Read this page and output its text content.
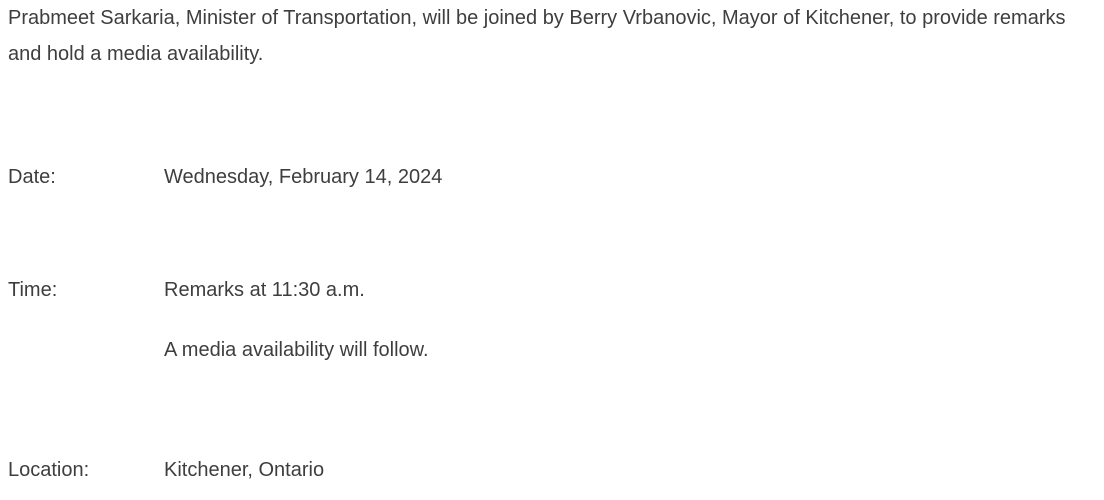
Prabmeet Sarkaria, Minister of Transportation, will be joined by Berry Vrbanovic, Mayor of Kitchener, to provide remarks and hold a media availability.

Date:	Wednesday, February 14, 2024

Time:	Remarks at 11:30 a.m.

A media availability will follow.

Location:	Kitchener, Ontario
